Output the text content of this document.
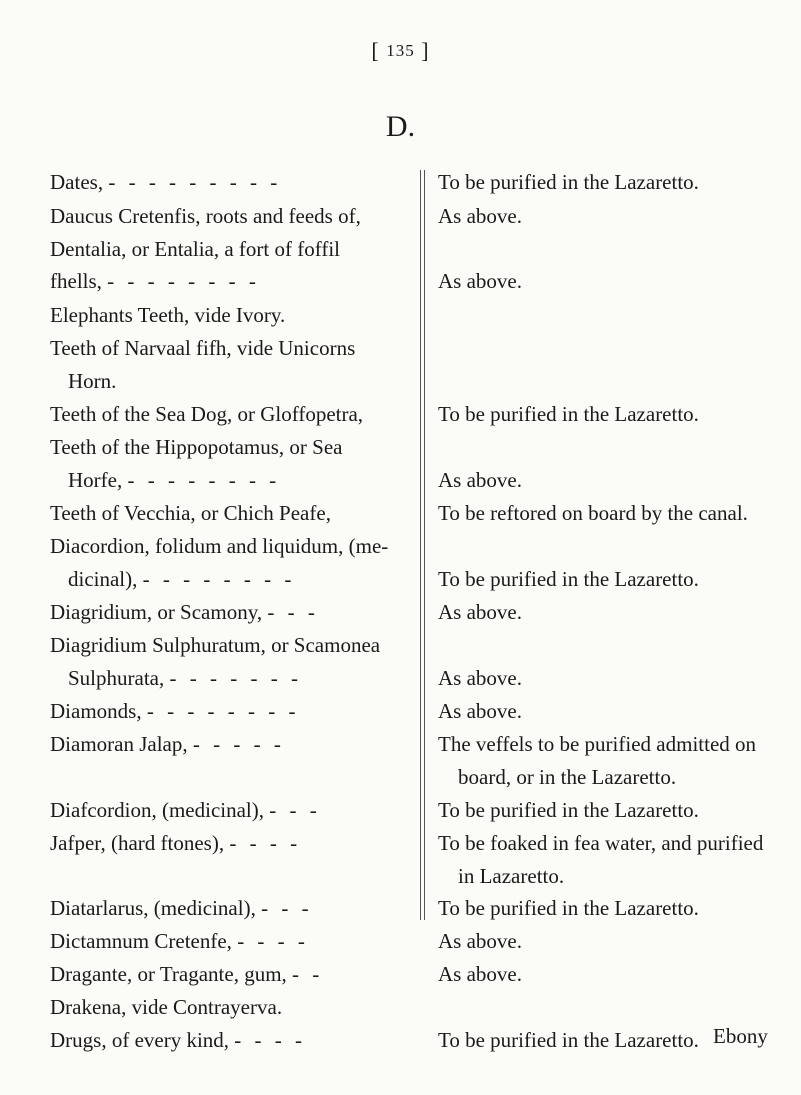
[ 135 ]
D.
Dates, - - - - - - - - -
Daucus Cretenfis, roots and feeds of,
Dentalia, or Entalia, a fort of foffil
fhells, - - - - - - - -
Elephants Teeth, vide Ivory.
Teeth of Narvaal fifh, vide Unicorns
Horn.
Teeth of the Sea Dog, or Gloffopetra,
Teeth of the Hippopotamus, or Sea
Horfe, - - - - - - - -
Teeth of Vecchia, or Chich Peafe,
Diacordion, folidum and liquidum, (me-
dicinal), - - - - - - - -
Diagridium, or Scamony, - - -
Diagridium Sulphuratum, or Scamonea
Sulphurata, - - - - - - -
Diamonds, - - - - - - - -
Diamoran Jalap, - - - - -
Diafcordion, (medicinal), - - -
Jafper, (hard ftones), - - - -
Diatarlarus, (medicinal), - - -
Dictamnum Cretenfe, - - - -
Dragante, or Tragante, gum, - -
Drakena, vide Contrayerva.
Drugs, of every kind, - - - -
To be purified in the Lazaretto.
As above.
As above.
To be purified in the Lazaretto.
As above.
To be reftored on board by the canal.
To be purified in the Lazaretto.
As above.
As above.
As above.
The veffels to be purified admitted on
board, or in the Lazaretto.
To be purified in the Lazaretto.
To be foaked in fea water, and purified
in Lazaretto.
To be purified in the Lazaretto.
As above.
As above.
To be purified in the Lazaretto. Ebony
